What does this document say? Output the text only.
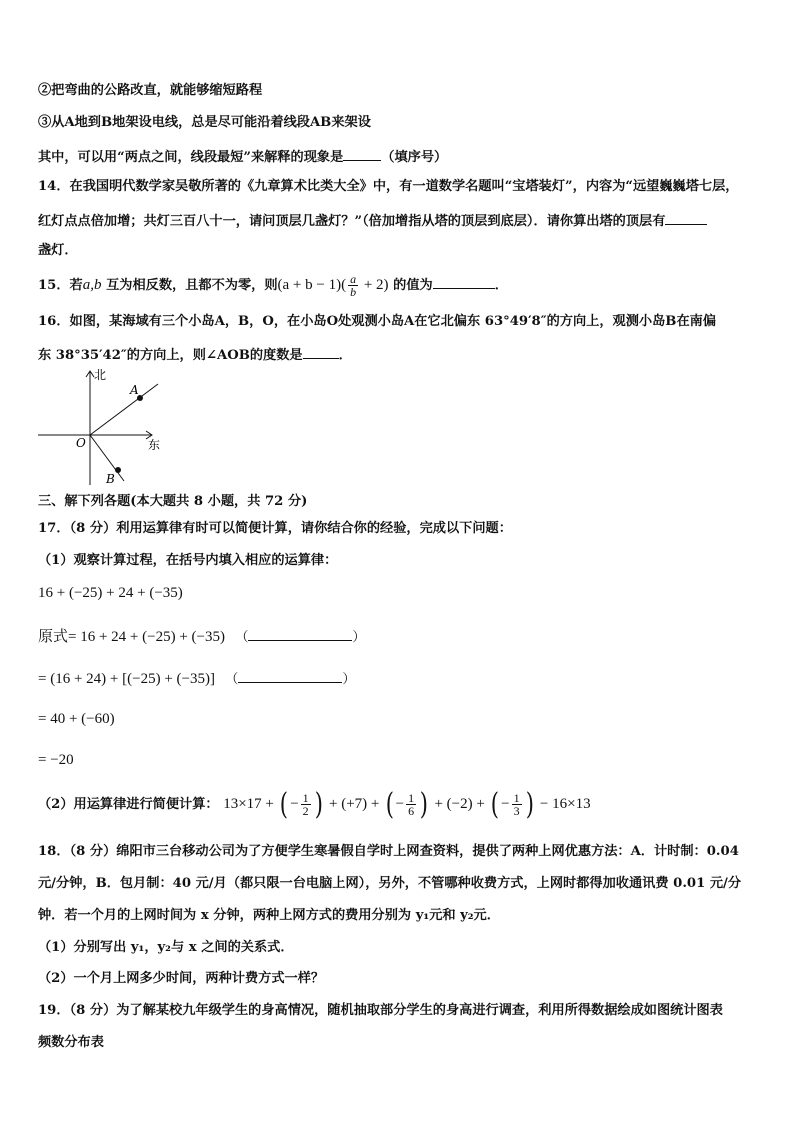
②把弯曲的公路改直，就能够缩短路程
③从A地到B地架设电线，总是尽可能沿着线段AB来架设
其中，可以用“两点之间，线段最短”来解释的现象是	（填序号）
14．在我国明代数学家吴敬所著的《九章算术比类大全》中，有一道数学名题叫“宝塔装灯”，内容为“远望巍巍塔七层，
红灯点点倍加增；共灯三百八十一，请问顶层几盏灯？”（倍加增指从塔的顶层到底层）．请你算出塔的顶层有
盏灯．
15．若a,b 互为相反数，且都不为零，则$(a + b - 1)( \frac{a}{b} + 2)$ 的值为	．
16．如图，某海域有三个小岛A，B，O，在小岛O处观测小岛A在它北偏东 63°49′8″的方向上，观测小岛B在南偏
东 38°35′42″的方向上，则∠AOB的度数是	．
北
东
O
A
B
三、解下列各题(本大题共 8 小题，共 72 分)
17．（8 分）利用运算律有时可以简便计算，请你结合你的经验，完成以下问题：
（1）观察计算过程，在括号内填入相应的运算律：
16 + (−25) + 24 + (−35)
原式= 16 + 24 + (−25) + (−35) （	）
= (16 + 24) + [(−25) + (−35)] （	）
= 40 + (−60)
= −20
（2）用运算律进行简便计算： 13×17 + ( − $\frac{1}{2}$ ) + (+7) + ( − $\frac{1}{6}$ ) + (−2) + ( − $\frac{1}{3}$ ) − 16×13
18．（8 分）绵阳市三台移动公司为了方便学生寒暑假自学时上网查资料，提供了两种上网优惠方法：A．计时制：0.04
元/分钟，B．包月制：40 元/月（都只限一台电脑上网），另外，不管哪种收费方式，上网时都得加收通讯费 0.01 元/分
钟．若一个月的上网时间为 x 分钟，两种上网方式的费用分别为 y₁元和 y₂元．
（1）分别写出 y₁，y₂与 x 之间的关系式．
（2）一个月上网多少时间，两种计费方式一样？
19．（8 分）为了解某校九年级学生的身高情况，随机抽取部分学生的身高进行调查，利用所得数据绘成如图统计图表
频数分布表
